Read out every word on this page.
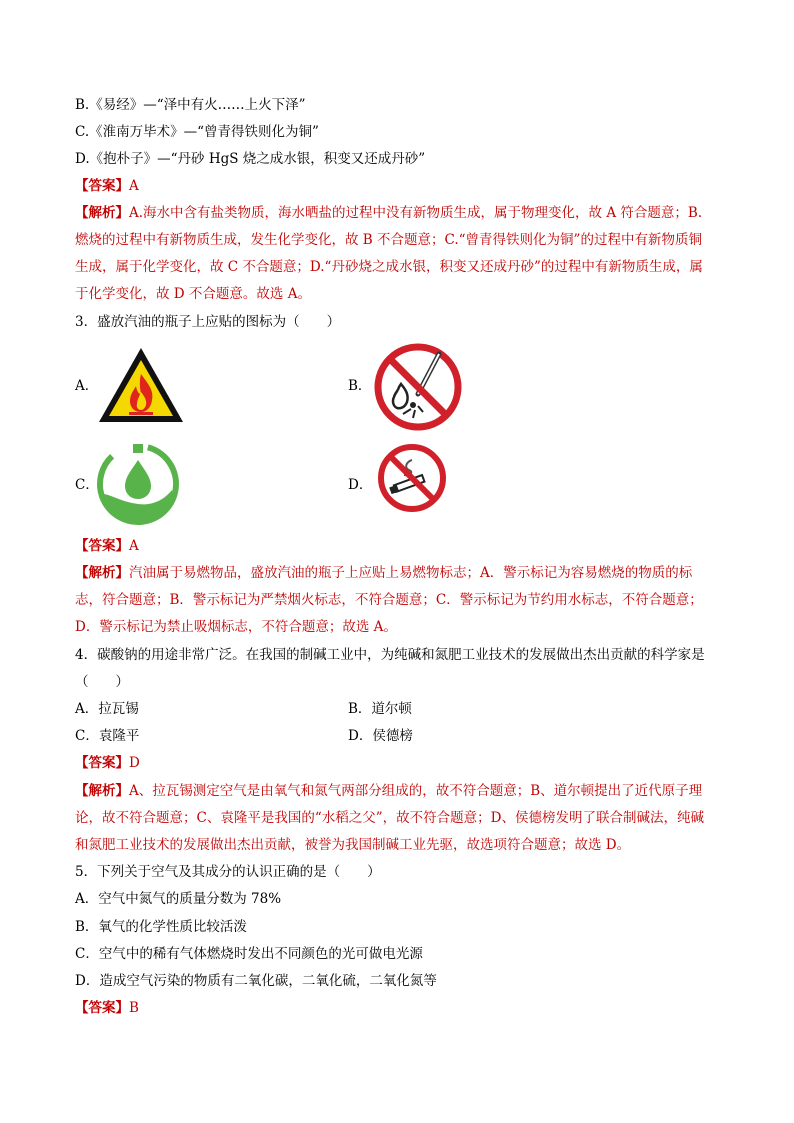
B.《易经》—“泽中有火……上火下泽”
C.《淮南万毕术》—“曾青得铁则化为铜”
D.《抱朴子》—“丹砂 HgS 烧之成水银，积变又还成丹砂”
【答案】A
【解析】A.海水中含有盐类物质，海水晒盐的过程中没有新物质生成，属于物理变化，故 A 符合题意；B.
燃烧的过程中有新物质生成，发生化学变化，故 B 不合题意；C.“曾青得铁则化为铜”的过程中有新物质铜
生成，属于化学变化，故 C 不合题意；D.“丹砂烧之成水银，积变又还成丹砂”的过程中有新物质生成，属
于化学变化，故 D 不合题意。故选 A。
3．盛放汽油的瓶子上应贴的图标为（　　）
A．	B．
C．	D．
【答案】A
【解析】汽油属于易燃物品，盛放汽油的瓶子上应贴上易燃物标志；A．警示标记为容易燃烧的物质的标
志，符合题意；B．警示标记为严禁烟火标志，不符合题意；C．警示标记为节约用水标志，不符合题意；
D．警示标记为禁止吸烟标志，不符合题意；故选 A。
4．碳酸钠的用途非常广泛。在我国的制碱工业中，为纯碱和氮肥工业技术的发展做出杰出贡献的科学家是
（　　）
A．拉瓦锡	B．道尔顿
C．袁隆平	D．侯德榜
【答案】D
【解析】A、拉瓦锡测定空气是由氧气和氮气两部分组成的，故不符合题意；B、道尔顿提出了近代原子理
论，故不符合题意；C、袁隆平是我国的“水稻之父”，故不符合题意；D、侯德榜发明了联合制碱法，纯碱
和氮肥工业技术的发展做出杰出贡献，被誉为我国制碱工业先驱，故选项符合题意；故选 D。
5．下列关于空气及其成分的认识正确的是（　　）
A．空气中氮气的质量分数为 78%
B．氧气的化学性质比较活泼
C．空气中的稀有气体燃烧时发出不同颜色的光可做电光源
D．造成空气污染的物质有二氧化碳，二氧化硫，二氧化氮等
【答案】B
